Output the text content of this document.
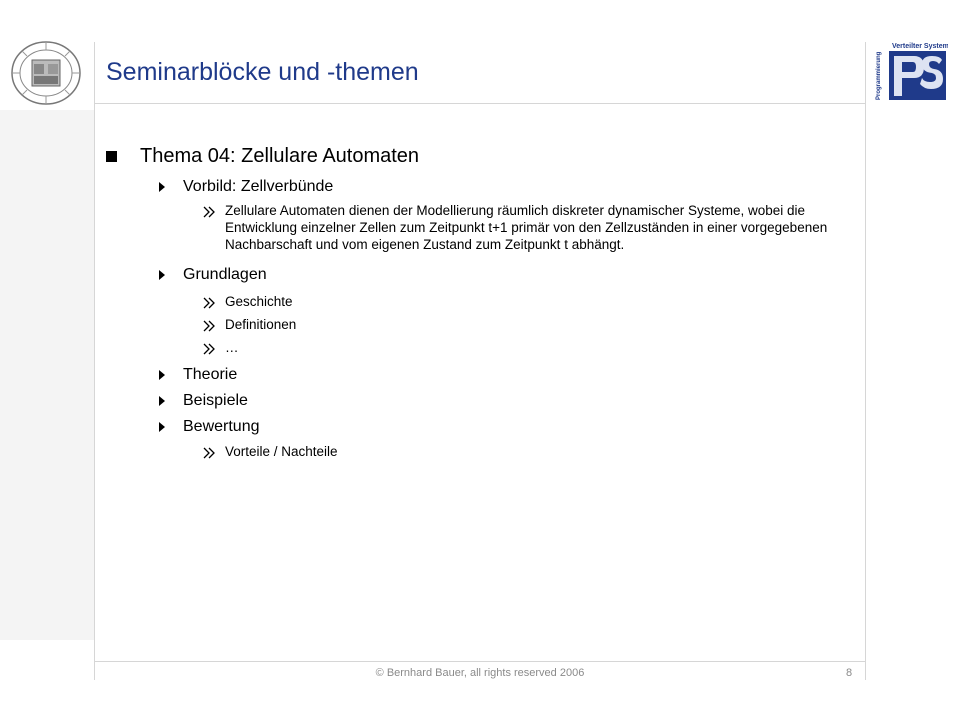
Seminarblöcke und -themen
Verteilter Systeme
Programmierung
Thema 04: Zellulare Automaten
Vorbild: Zellverbünde
Zellulare Automaten dienen der Modellierung räumlich diskreter dynamischer Systeme, wobei die Entwicklung einzelner Zellen zum Zeitpunkt t+1 primär von den Zellzuständen in einer vorgegebenen Nachbarschaft und vom eigenen Zustand zum Zeitpunkt t abhängt.
Grundlagen
Geschichte
Definitionen
…
Theorie
Beispiele
Bewertung
Vorteile / Nachteile
© Bernhard Bauer, all rights reserved 2006	8
